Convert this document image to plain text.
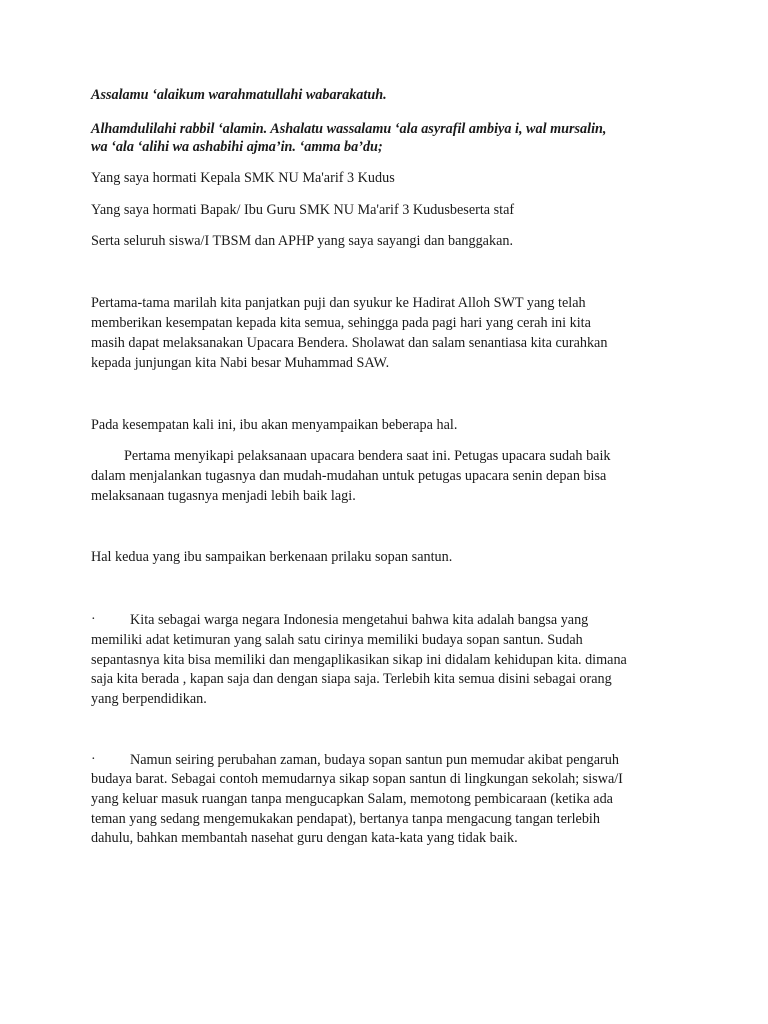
Assalamu ‘alaikum warahmatullahi wabarakatuh.

Alhamdulilahi rabbil ‘alamin. Ashalatu wassalamu ‘ala asyrafil ambiya i, wal mursalin,

wa ‘ala ‘alihi wa ashabihi ajma’in. ‘amma ba’du;

Yang saya hormati Kepala SMK NU Ma'arif 3 Kudus

Yang saya hormati Bapak/ Ibu Guru SMK NU Ma'arif 3 Kudusbeserta staf

Serta seluruh siswa/I TBSM dan APHP yang saya sayangi dan banggakan.

Pertama-tama marilah kita panjatkan puji dan syukur ke Hadirat Alloh SWT yang telah

memberikan kesempatan kepada kita semua, sehingga pada pagi hari yang cerah ini kita

masih dapat melaksanakan Upacara Bendera. Sholawat dan salam senantiasa kita curahkan

kepada junjungan kita Nabi besar Muhammad SAW.

Pada kesempatan kali ini, ibu akan menyampaikan beberapa hal.

Pertama menyikapi pelaksanaan upacara bendera saat ini. Petugas upacara sudah baik

dalam menjalankan tugasnya dan mudah-mudahan untuk petugas upacara senin depan bisa

melaksanaan tugasnya menjadi lebih baik lagi.

Hal kedua yang ibu sampaikan berkenaan prilaku sopan santun.

· Kita sebagai warga negara Indonesia mengetahui bahwa kita adalah bangsa yang

memiliki adat ketimuran yang salah satu cirinya memiliki budaya sopan santun. Sudah

sepantasnya kita bisa memiliki dan mengaplikasikan sikap ini didalam kehidupan kita. dimana

saja kita berada , kapan saja dan dengan siapa saja. Terlebih kita semua disini sebagai orang

yang berpendidikan.

· Namun seiring perubahan zaman, budaya sopan santun pun memudar akibat pengaruh

budaya barat. Sebagai contoh memudarnya sikap sopan santun di lingkungan sekolah; siswa/I

yang keluar masuk ruangan tanpa mengucapkan Salam, memotong pembicaraan (ketika ada

teman yang sedang mengemukakan pendapat), bertanya tanpa mengacung tangan terlebih

dahulu, bahkan membantah nasehat guru dengan kata-kata yang tidak baik.
